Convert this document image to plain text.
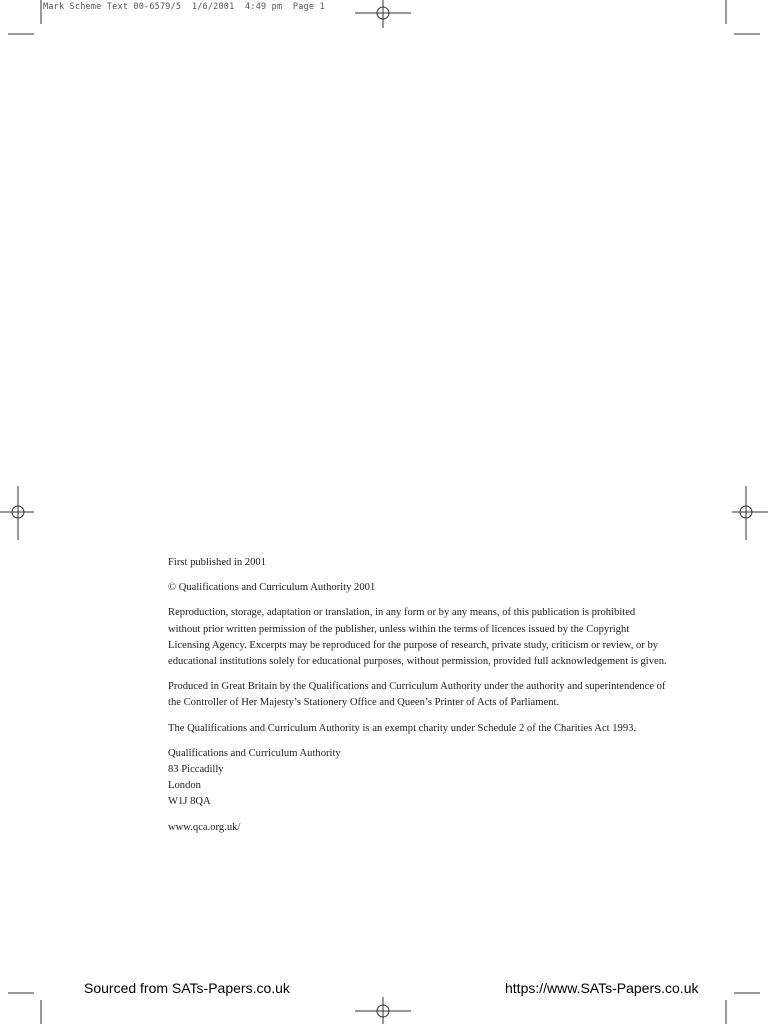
Mark Scheme Text 00-6579/5  1/6/2001  4:49 pm  Page 1

First published in 2001

© Qualifications and Curriculum Authority 2001

Reproduction, storage, adaptation or translation, in any form or by any means, of this publication is prohibited without prior written permission of the publisher, unless within the terms of licences issued by the Copyright Licensing Agency. Excerpts may be reproduced for the purpose of research, private study, criticism or review, or by educational institutions solely for educational purposes, without permission, provided full acknowledgement is given.

Produced in Great Britain by the Qualifications and Curriculum Authority under the authority and superintendence of the Controller of Her Majesty’s Stationery Office and Queen’s Printer of Acts of Parliament.

The Qualifications and Curriculum Authority is an exempt charity under Schedule 2 of the Charities Act 1993.

Qualifications and Curriculum Authority
83 Piccadilly
London
W1J 8QA

www.qca.org.uk/

Sourced from SATs-Papers.co.uk	https://www.SATs-Papers.co.uk
